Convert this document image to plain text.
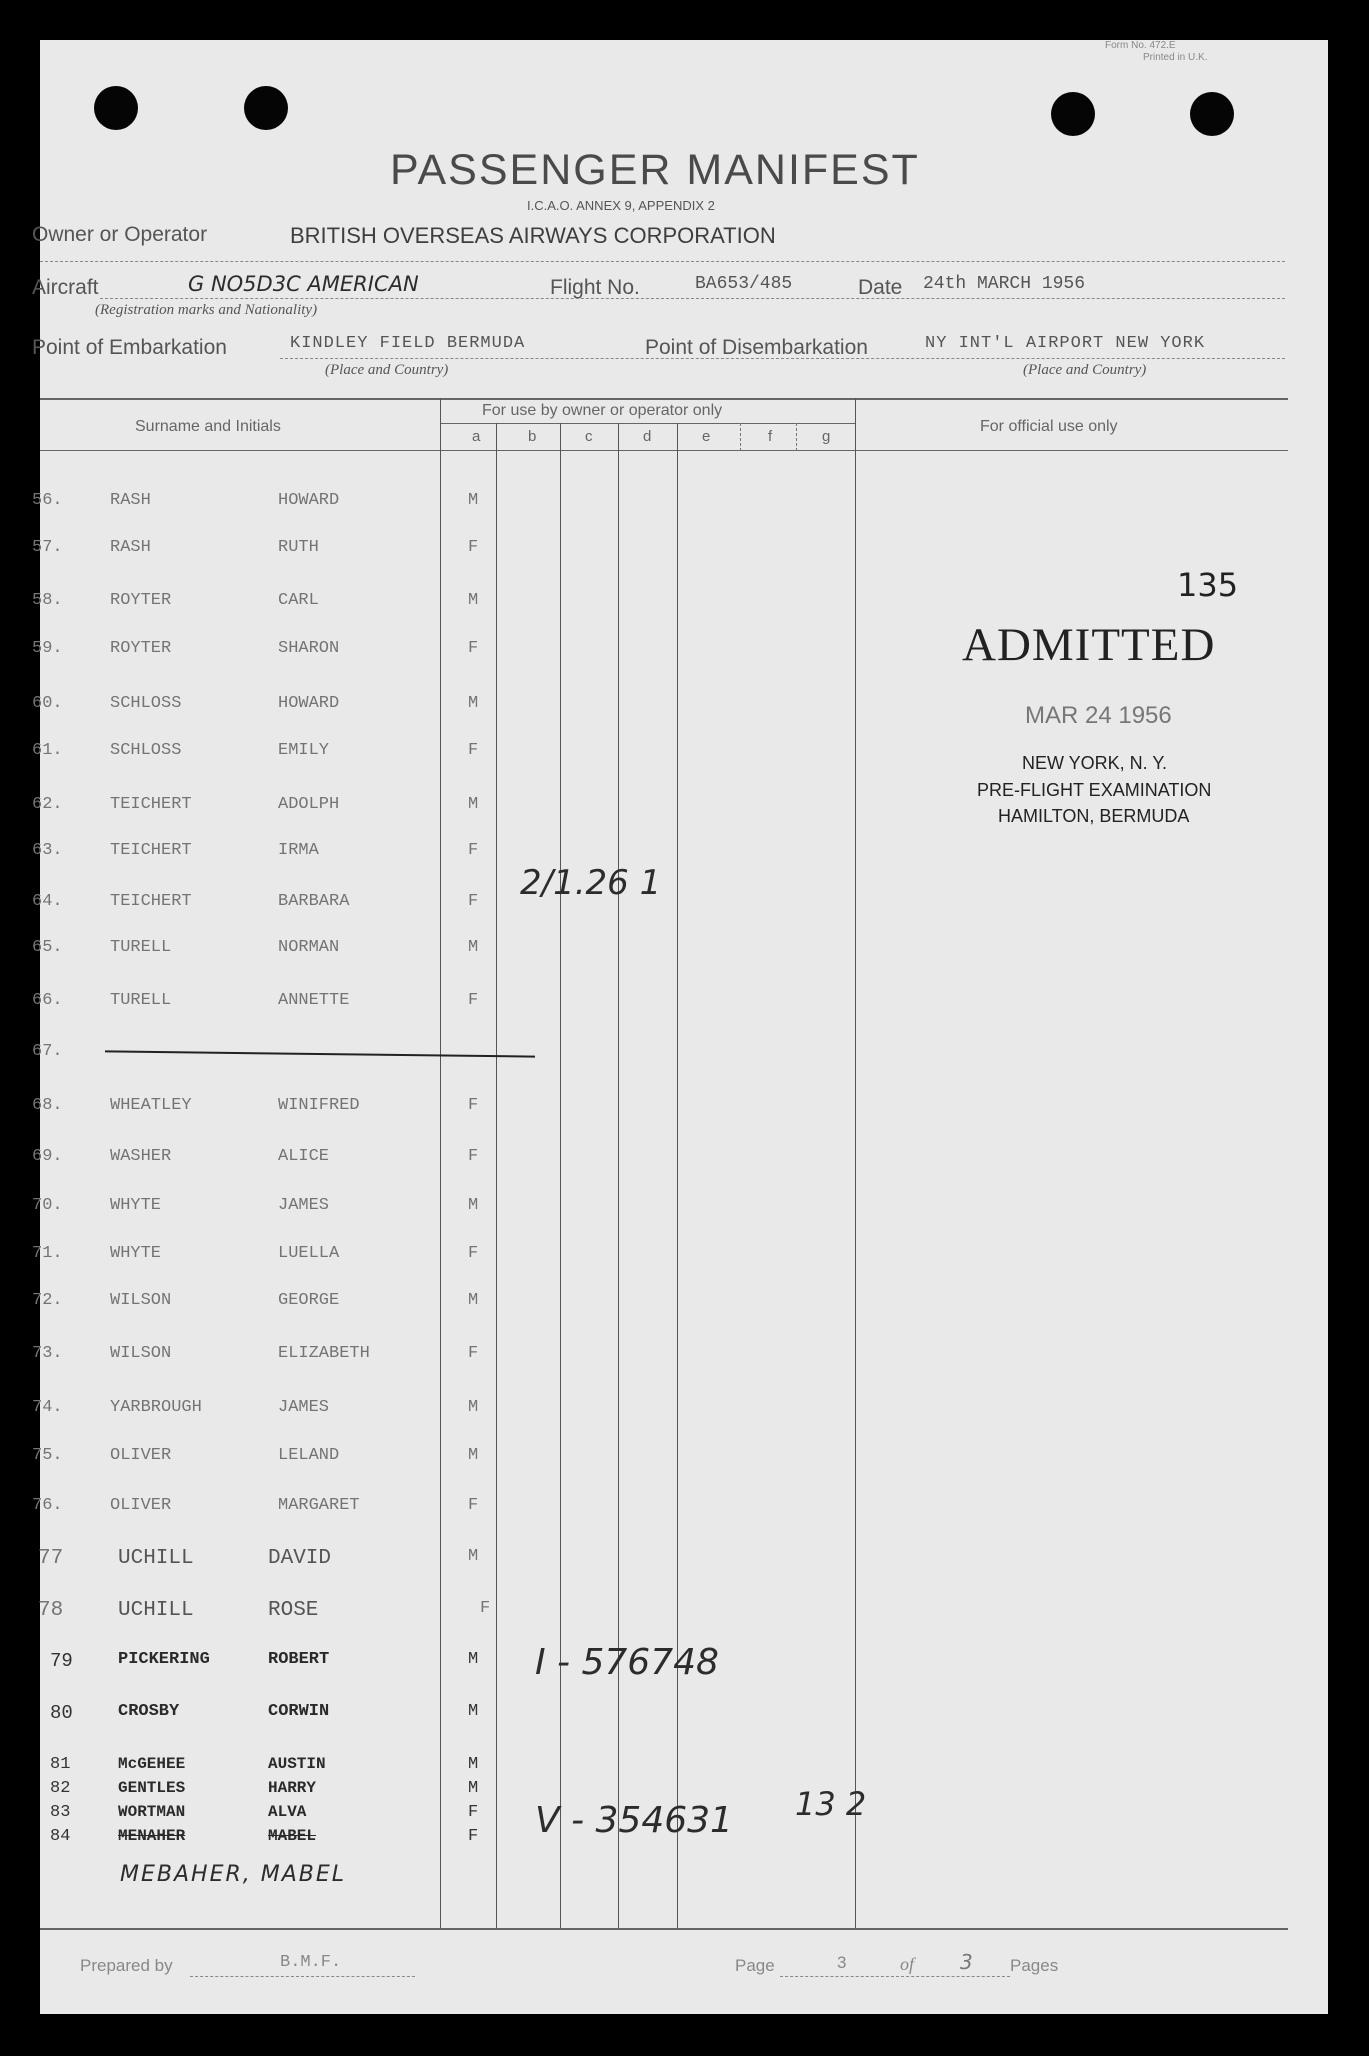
Form No. 472.E
Printed in U.K.
PASSENGER MANIFEST
I.C.A.O. ANNEX 9, APPENDIX 2
Owner or Operator	BRITISH OVERSEAS AIRWAYS CORPORATION
Aircraft	G NO5D3C AMERICAN	Flight No.	BA653/485	Date 24th MARCH 1956
(Registration marks and Nationality)
Point of Embarkation	KINDLEY FIELD BERMUDA	Point of Disembarkation	NY INT'L AIRPORT NEW YORK
(Place and Country)	(Place and Country)
Surname and Initials
For use by owner or operator only
For official use only
a	b	c	d	e	f	g
56.	RASH	HOWARD	M
57.	RASH	RUTH	F
58.	ROYTER	CARL	M
59.	ROYTER	SHARON	F
60.	SCHLOSS	HOWARD	M
61.	SCHLOSS	EMILY	F
62.	TEICHERT	ADOLPH	M
63.	TEICHERT	IRMA	F
64.	TEICHERT	BARBARA	F
65.	TURELL	NORMAN	M
66.	TURELL	ANNETTE	F
67.
68.	WHEATLEY	WINIFRED	F
69.	WASHER	ALICE	F
70.	WHYTE	JAMES	M
71.	WHYTE	LUELLA	F
72.	WILSON	GEORGE	M
73.	WILSON	ELIZABETH	F
74.	YARBROUGH	JAMES	M
75.	OLIVER	LELAND	M
76.	OLIVER	MARGARET	F
77	UCHILL	DAVID	M
78	UCHILL	ROSE	F
79	PICKERING	ROBERT	M
80	CROSBY	CORWIN	M
81	McGEHEE	AUSTIN	M
82	GENTLES	HARRY	M
83	WORTMAN	ALVA	F
84	MENAHER	MABEL	F
2/1.26 1
I - 576748
V - 354631 13 2
MEBAHER, MABEL
135
ADMITTED
MAR 24 1956
NEW YORK, N. Y.
PRE-FLIGHT EXAMINATION
HAMILTON, BERMUDA
Prepared by	B.M.F.	Page	3	of 3 Pages
